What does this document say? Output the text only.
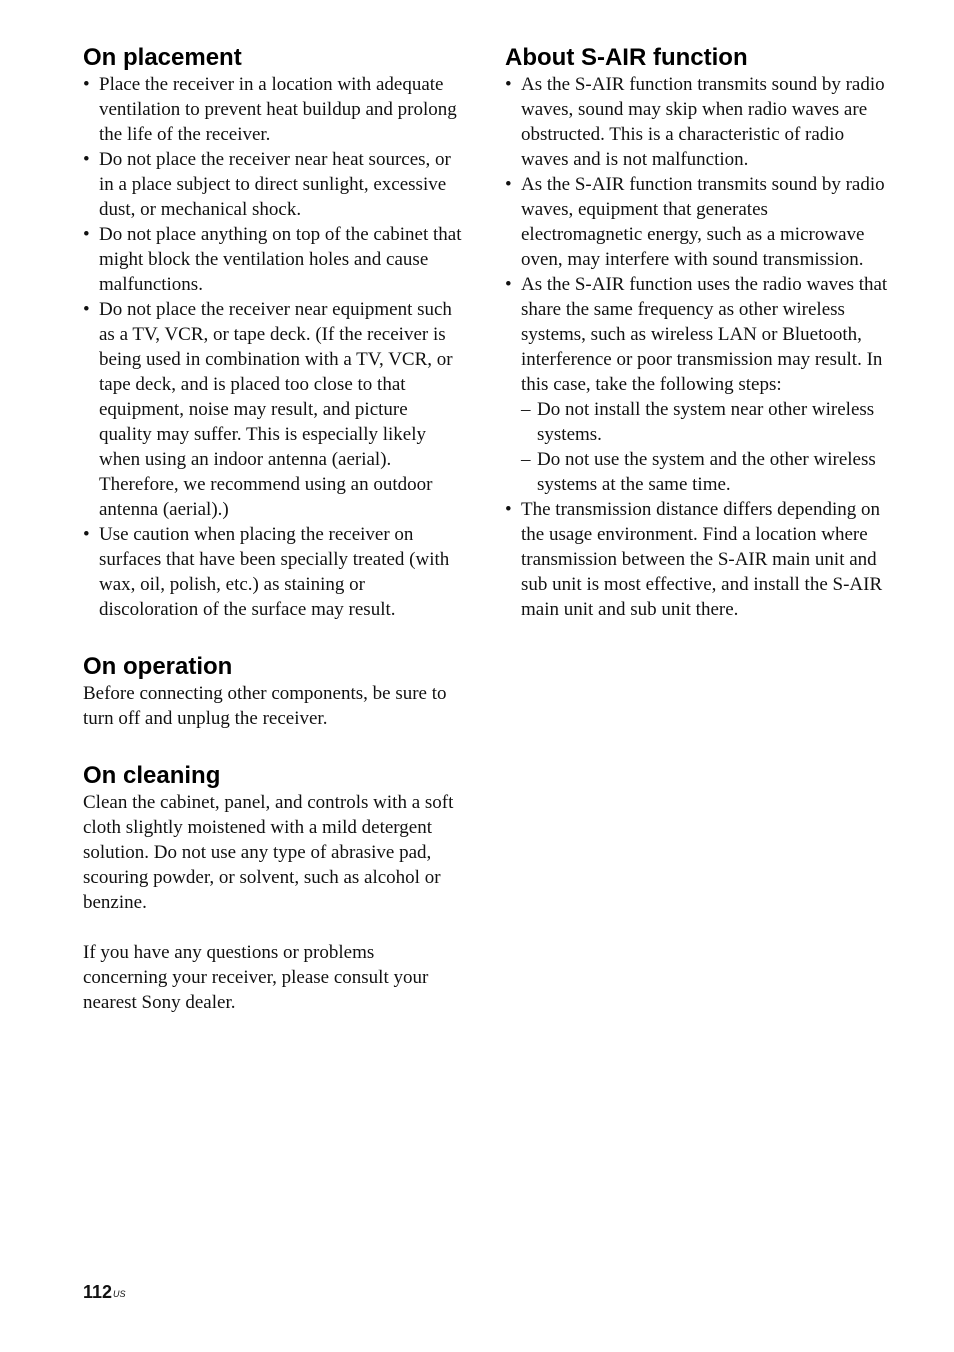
On placement
• Place the receiver in a location with adequate ventilation to prevent heat buildup and prolong the life of the receiver.
• Do not place the receiver near heat sources, or in a place subject to direct sunlight, excessive dust, or mechanical shock.
• Do not place anything on top of the cabinet that might block the ventilation holes and cause malfunctions.
• Do not place the receiver near equipment such as a TV, VCR, or tape deck. (If the receiver is being used in combination with a TV, VCR, or tape deck, and is placed too close to that equipment, noise may result, and picture quality may suffer. This is especially likely when using an indoor antenna (aerial). Therefore, we recommend using an outdoor antenna (aerial).)
• Use caution when placing the receiver on surfaces that have been specially treated (with wax, oil, polish, etc.) as staining or discoloration of the surface may result.
On operation

Before connecting other components, be sure to turn off and unplug the receiver.

On cleaning

Clean the cabinet, panel, and controls with a soft cloth slightly moistened with a mild detergent solution. Do not use any type of abrasive pad, scouring powder, or solvent, such as alcohol or benzine.

If you have any questions or problems concerning your receiver, please consult your nearest Sony dealer.

About S-AIR function
• As the S-AIR function transmits sound by radio waves, sound may skip when radio waves are obstructed. This is a characteristic of radio waves and is not malfunction.
• As the S-AIR function transmits sound by radio waves, equipment that generates electromagnetic energy, such as a microwave oven, may interfere with sound transmission.
• As the S-AIR function uses the radio waves that share the same frequency as other wireless systems, such as wireless LAN or Bluetooth, interference or poor transmission may result. In this case, take the following steps:
– Do not install the system near other wireless systems.
– Do not use the system and the other wireless systems at the same time.
• The transmission distance differs depending on the usage environment. Find a location where transmission between the S-AIR main unit and sub unit is most effective, and install the S-AIR main unit and sub unit there.
$112^{US}$
